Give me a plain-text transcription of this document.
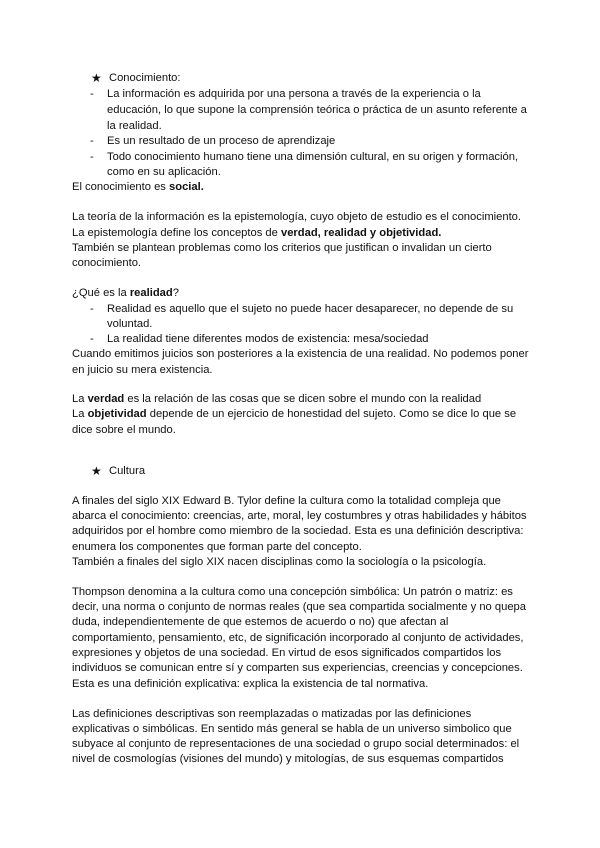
★ Conocimiento:
- La información es adquirida por una persona a través de la experiencia o la
educación, lo que supone la comprensión teórica o práctica de un asunto referente a
la realidad.
- Es un resultado de un proceso de aprendizaje
- Todo conocimiento humano tiene una dimensión cultural, en su origen y formación,
como en su aplicación.
El conocimiento es social.
La teoría de la información es la epistemología, cuyo objeto de estudio es el conocimiento.
La epistemología define los conceptos de verdad, realidad y objetividad.
También se plantean problemas como los criterios que justifican o invalidan un cierto
conocimiento.
¿Qué es la realidad?
- Realidad es aquello que el sujeto no puede hacer desaparecer, no depende de su
voluntad.
- La realidad tiene diferentes modos de existencia: mesa/sociedad
Cuando emitimos juicios son posteriores a la existencia de una realidad. No podemos poner
en juicio su mera existencia.
La verdad es la relación de las cosas que se dicen sobre el mundo con la realidad
La objetividad depende de un ejercicio de honestidad del sujeto. Como se dice lo que se
dice sobre el mundo.
★ Cultura
A finales del siglo XIX Edward B. Tylor define la cultura como la totalidad compleja que
abarca el conocimiento: creencias, arte, moral, ley costumbres y otras habilidades y hábitos
adquiridos por el hombre como miembro de la sociedad. Esta es una definición descriptiva:
enumera los componentes que forman parte del concepto.
También a finales del siglo XIX nacen disciplinas como la sociología o la psicología.
Thompson denomina a la cultura como una concepción simbólica: Un patrón o matriz: es
decir, una norma o conjunto de normas reales (que sea compartida socialmente y no quepa
duda, independientemente de que estemos de acuerdo o no) que afectan al
comportamiento, pensamiento, etc, de significación incorporado al conjunto de actividades,
expresiones y objetos de una sociedad. En virtud de esos significados compartidos los
individuos se comunican entre sí y comparten sus experiencias, creencias y concepciones.
Esta es una definición explicativa: explica la existencia de tal normativa.
Las definiciones descriptivas son reemplazadas o matizadas por las definiciones
explicativas o simbólicas. En sentido más general se habla de un universo simbolico que
subyace al conjunto de representaciones de una sociedad o grupo social determinados: el
nivel de cosmologías (visiones del mundo) y mitologías, de sus esquemas compartidos
